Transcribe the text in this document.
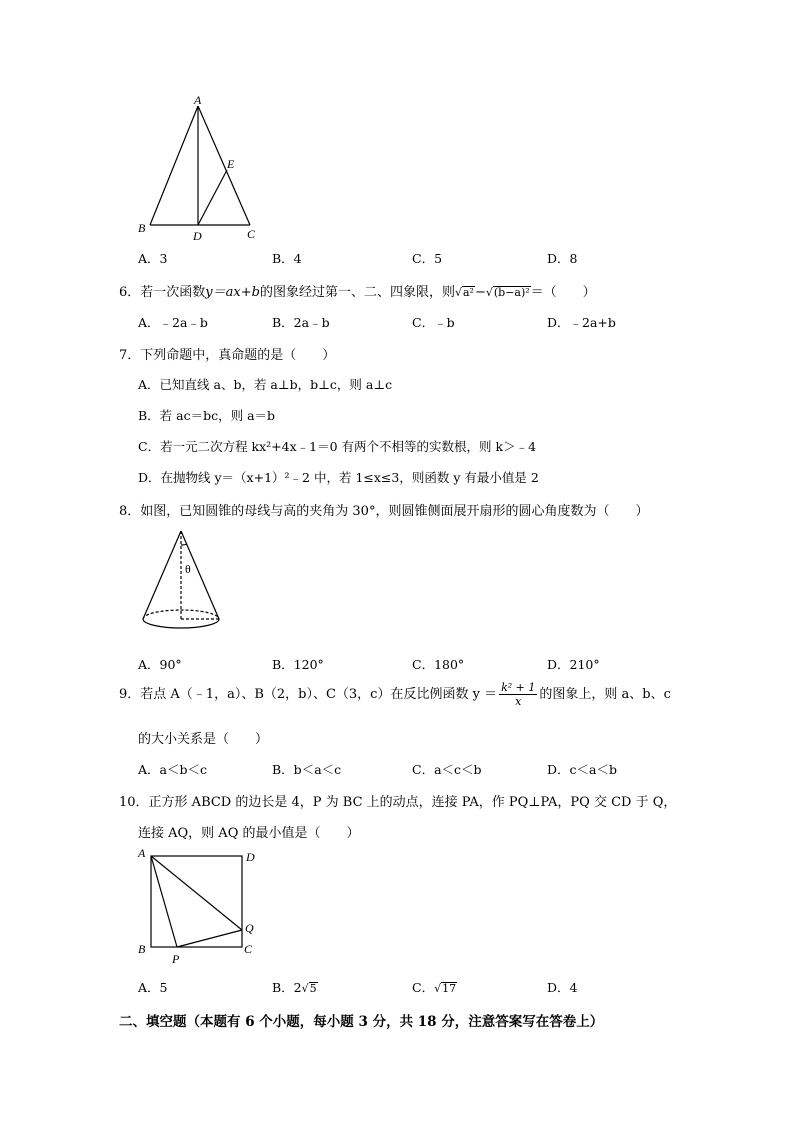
A
E
B
D	C
A．3	B．4	C．5	D．8
6．若一次函数y＝ax+b的图象经过第一、二、四象限，则√a²−√(b−a)²＝（　　）
A．﹣2a﹣b	B．2a﹣b	C．﹣b	D．﹣2a+b
7．下列命题中，真命题的是（　　）
A．已知直线 a、b，若 a⊥b，b⊥c，则 a⊥c
B．若 ac＝bc，则 a＝b
C．若一元二次方程 kx²+4x﹣1＝0 有两个不相等的实数根，则 k＞﹣4
D．在抛物线 y＝（x+1）²﹣2 中，若 1≤x≤3，则函数 y 有最小值是 2
8．如图，已知圆锥的母线与高的夹角为 30°，则圆锥侧面展开扇形的圆心角度数为（　　）
θ
A．90°	B．120°	C．180°	D．210°
9．若点 A（﹣1，a）、B（2，b）、C（3，c）在反比例函数 $y = \frac{\text{k² + 1}}{x}$ 的图象上，则 a、b、c
的大小关系是（　　）
A．a＜b＜c	B．b＜a＜c	C．a＜c＜b	D．c＜a＜b
10．正方形 ABCD 的边长是 4，P 为 BC 上的动点，连接 PA，作 PQ⊥PA，PQ 交 CD 于 Q，
连接 AQ，则 AQ 的最小值是（　　）
A	D
Q
B	C
P
A．5	B．2√5	C．√17	D．4
二、填空题（本题有 6 个小题，每小题 3 分，共 18 分，注意答案写在答卷上）
